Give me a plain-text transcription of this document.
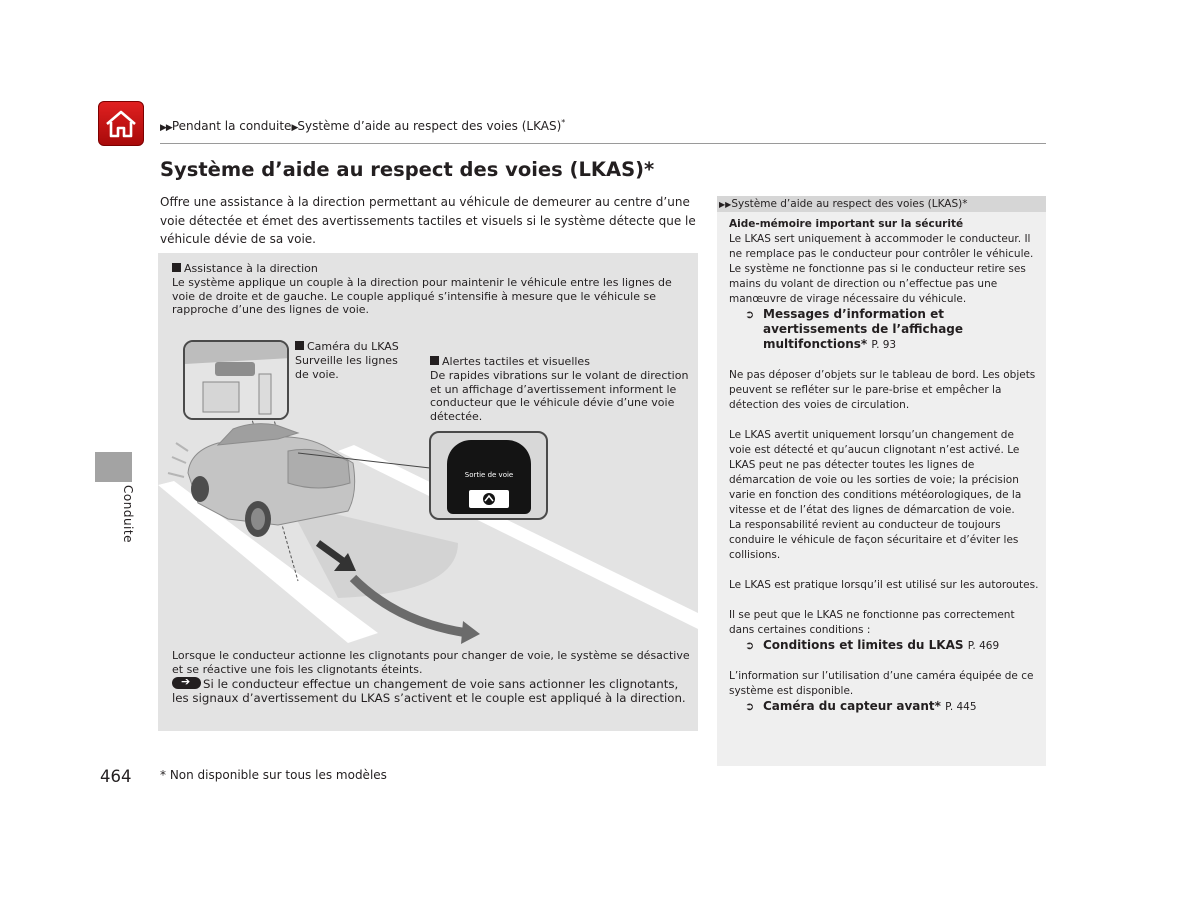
▶▶Pendant la conduite▶Système d’aide au respect des voies (LKAS)*
Système d’aide au respect des voies (LKAS)*
Offre une assistance à la direction permettant au véhicule de demeurer au centre d’une voie détectée et émet des avertissements tactiles et visuels si le système détecte que le véhicule dévie de sa voie.
Assistance à la direction
Le système applique un couple à la direction pour maintenir le véhicule entre les lignes de voie de droite et de gauche. Le couple appliqué s’intensifie à mesure que le véhicule se rapproche d’une des lignes de voie.
Caméra du LKAS
Surveille les lignes de voie.
Alertes tactiles et visuelles
De rapides vibrations sur le volant de direction et un affichage d’avertissement informent le conducteur que le véhicule dévie d’une voie détectée.
Sortie de voie
Lorsque le conducteur actionne les clignotants pour changer de voie, le système se désactive et se réactive une fois les clignotants éteints.
➔ Si le conducteur effectue un changement de voie sans actionner les clignotants, les signaux d’avertissement du LKAS s’activent et le couple est appliqué à la direction.
Conduite
▶▶Système d’aide au respect des voies (LKAS)*

Aide-mémoire important sur la sécurité

Le LKAS sert uniquement à accommoder le conducteur. Il ne remplace pas le conducteur pour contrôler le véhicule. Le système ne fonctionne pas si le conducteur retire ses mains du volant de direction ou n’effectue pas une manœuvre de virage nécessaire du véhicule.

➲ Messages d’information et avertissements de l’affichage multifonctions* P. 93

Ne pas déposer d’objets sur le tableau de bord. Les objets peuvent se refléter sur le pare-brise et empêcher la détection des voies de circulation.

Le LKAS avertit uniquement lorsqu’un changement de voie est détecté et qu’aucun clignotant n’est activé. Le LKAS peut ne pas détecter toutes les lignes de démarcation de voie ou les sorties de voie; la précision varie en fonction des conditions météorologiques, de la vitesse et de l’état des lignes de démarcation de voie.

La responsabilité revient au conducteur de toujours conduire le véhicule de façon sécuritaire et d’éviter les collisions.

Le LKAS est pratique lorsqu’il est utilisé sur les autoroutes.

Il se peut que le LKAS ne fonctionne pas correctement dans certaines conditions :

➲ Conditions et limites du LKAS P. 469

L’information sur l’utilisation d’une caméra équipée de ce système est disponible.

➲ Caméra du capteur avant* P. 445
464 * Non disponible sur tous les modèles
